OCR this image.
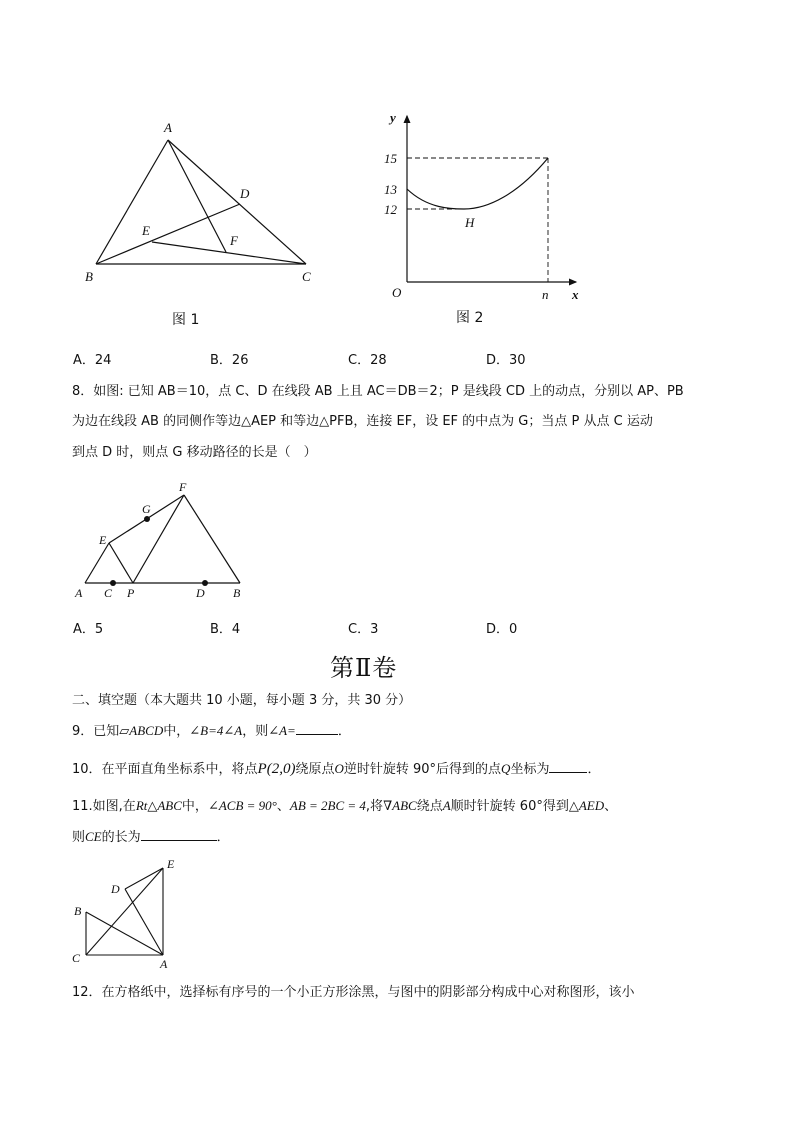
A
B	C
D
E
F
图 1
y
15
13
12
H
O	n x
图 2
A．24	B．26	C．28	D．30
8．如图: 已知 AB＝10，点 C、D 在线段 AB 上且 AC＝DB＝2；P 是线段 CD 上的动点，分别以 AP、PB
为边在线段 AB 的同侧作等边△AEP 和等边△PFB，连接 EF，设 EF 的中点为 G；当点 P 从点 C 运动
到点 D 时，则点 G 移动路径的长是（　）
A C P	D B
E
G
F
A．5	B．4	C．3	D．0
第Ⅱ卷
二、填空题（本大题共 10 小题，每小题 3 分，共 30 分）
9．已知▱ABCD中，∠B=4∠A，则∠A=	．
10．在平面直角坐标系中，将点P(2,0)绕原点O逆时针旋转 90°后得到的点Q坐标为	．
11.如图,在Rt△ABC中，∠ACB = 90°、AB = 2BC = 4,将∇ABC绕点A顺时针旋转 60°得到△AED、
则CE的长为	．
E
D
B
C	A
12．在方格纸中，选择标有序号的一个小正方形涂黑，与图中的阴影部分构成中心对称图形，该小
